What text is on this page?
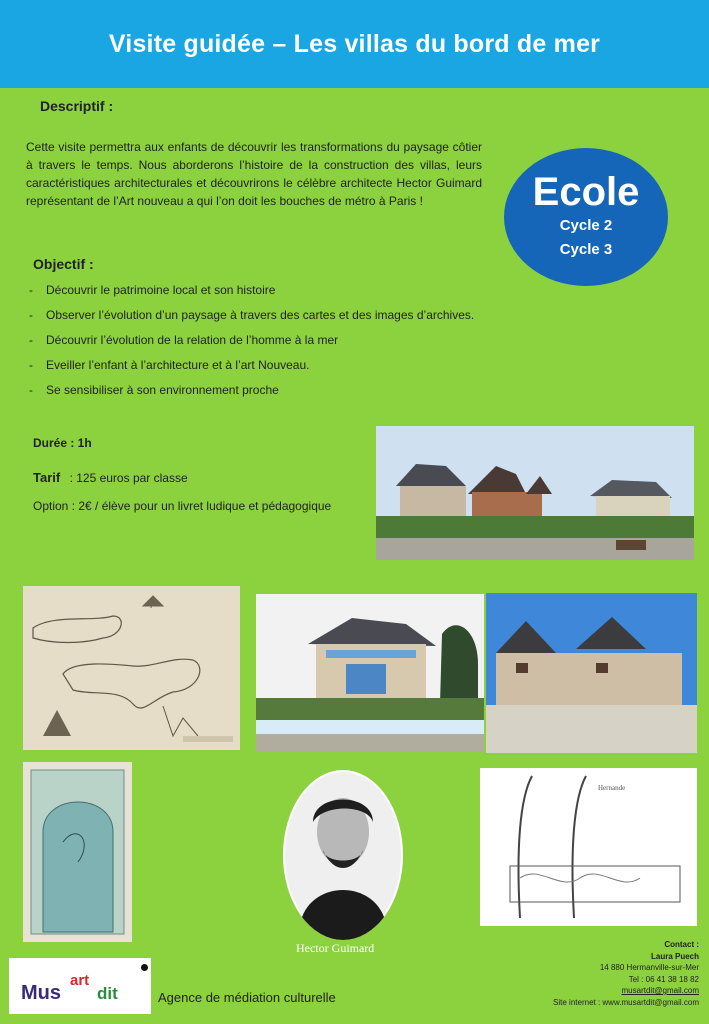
Visite guidée – Les villas du bord de mer
Descriptif :
Cette visite permettra aux enfants de découvrir les transformations du paysage côtier à travers le temps. Nous aborderons l’histoire de la construction des villas, leurs caractéristiques architecturales et découvrirons le célèbre architecte Hector Guimard représentant de l’Art nouveau a qui l’on doit les bouches de métro à Paris !
Objectif :
- Découvrir le patrimoine local et son histoire
- Observer l’évolution d’un paysage à travers des cartes et des images d’archives.
- Découvrir l’évolution de la relation de l’homme à la mer
- Eveiller l’enfant à l’architecture et à l’art Nouveau.
- Se sensibiliser à son environnement proche
Durée : 1h
Tarif : 125 euros par classe
Option : 2€ / élève pour un livret ludique et pédagogique
Ecole
Cycle 2
Cycle 3
Hector Guimard
Hernande
Mus
art
dit	Agence de médiation culturelle
Contact :
Laura Puech
14 880 Hermanville-sur-Mer
Tel : 06 41 38 18 82
musartdit@gmail.com
Site internet : www.musartdit@gmail.com
